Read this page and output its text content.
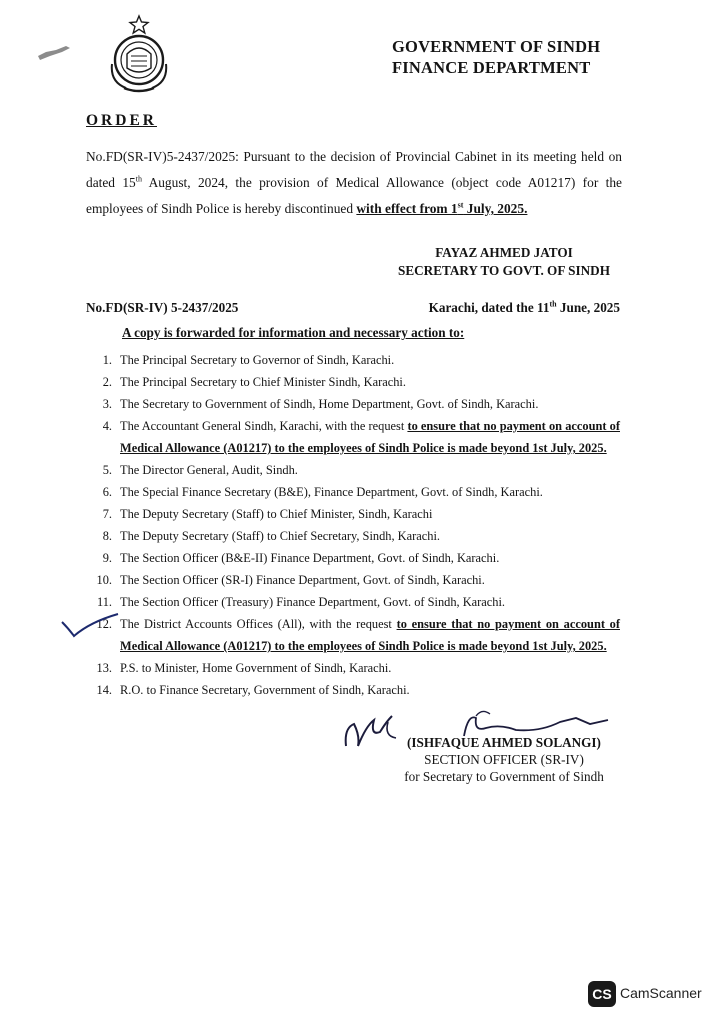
GOVERNMENT OF SINDH
FINANCE DEPARTMENT
ORDER
No.FD(SR-IV)5-2437/2025: Pursuant to the decision of Provincial Cabinet in its meeting held on dated 15th August, 2024, the provision of Medical Allowance (object code A01217) for the employees of Sindh Police is hereby discontinued with effect from 1st July, 2025.
FAYAZ AHMED JATOI
SECRETARY TO GOVT. OF SINDH
No.FD(SR-IV) 5-2437/2025	Karachi, dated the 11th June, 2025
A copy is forwarded for information and necessary action to:
1. The Principal Secretary to Governor of Sindh, Karachi.
2. The Principal Secretary to Chief Minister Sindh, Karachi.
3. The Secretary to Government of Sindh, Home Department, Govt. of Sindh, Karachi.
4. The Accountant General Sindh, Karachi, with the request to ensure that no payment on account of Medical Allowance (A01217) to the employees of Sindh Police is made beyond 1st July, 2025.
5. The Director General, Audit, Sindh.
6. The Special Finance Secretary (B&E), Finance Department, Govt. of Sindh, Karachi.
7. The Deputy Secretary (Staff) to Chief Minister, Sindh, Karachi
8. The Deputy Secretary (Staff) to Chief Secretary, Sindh, Karachi.
9. The Section Officer (B&E-II) Finance Department, Govt. of Sindh, Karachi.
10. The Section Officer (SR-I) Finance Department, Govt. of Sindh, Karachi.
11. The Section Officer (Treasury) Finance Department, Govt. of Sindh, Karachi.
12. The District Accounts Offices (All), with the request to ensure that no payment on account of Medical Allowance (A01217) to the employees of Sindh Police is made beyond 1st July, 2025.
13. P.S. to Minister, Home Government of Sindh, Karachi.
14. R.O. to Finance Secretary, Government of Sindh, Karachi.
(ISHFAQUE AHMED SOLANGI)
SECTION OFFICER (SR-IV)
for Secretary to Government of Sindh
CS CamScanner
